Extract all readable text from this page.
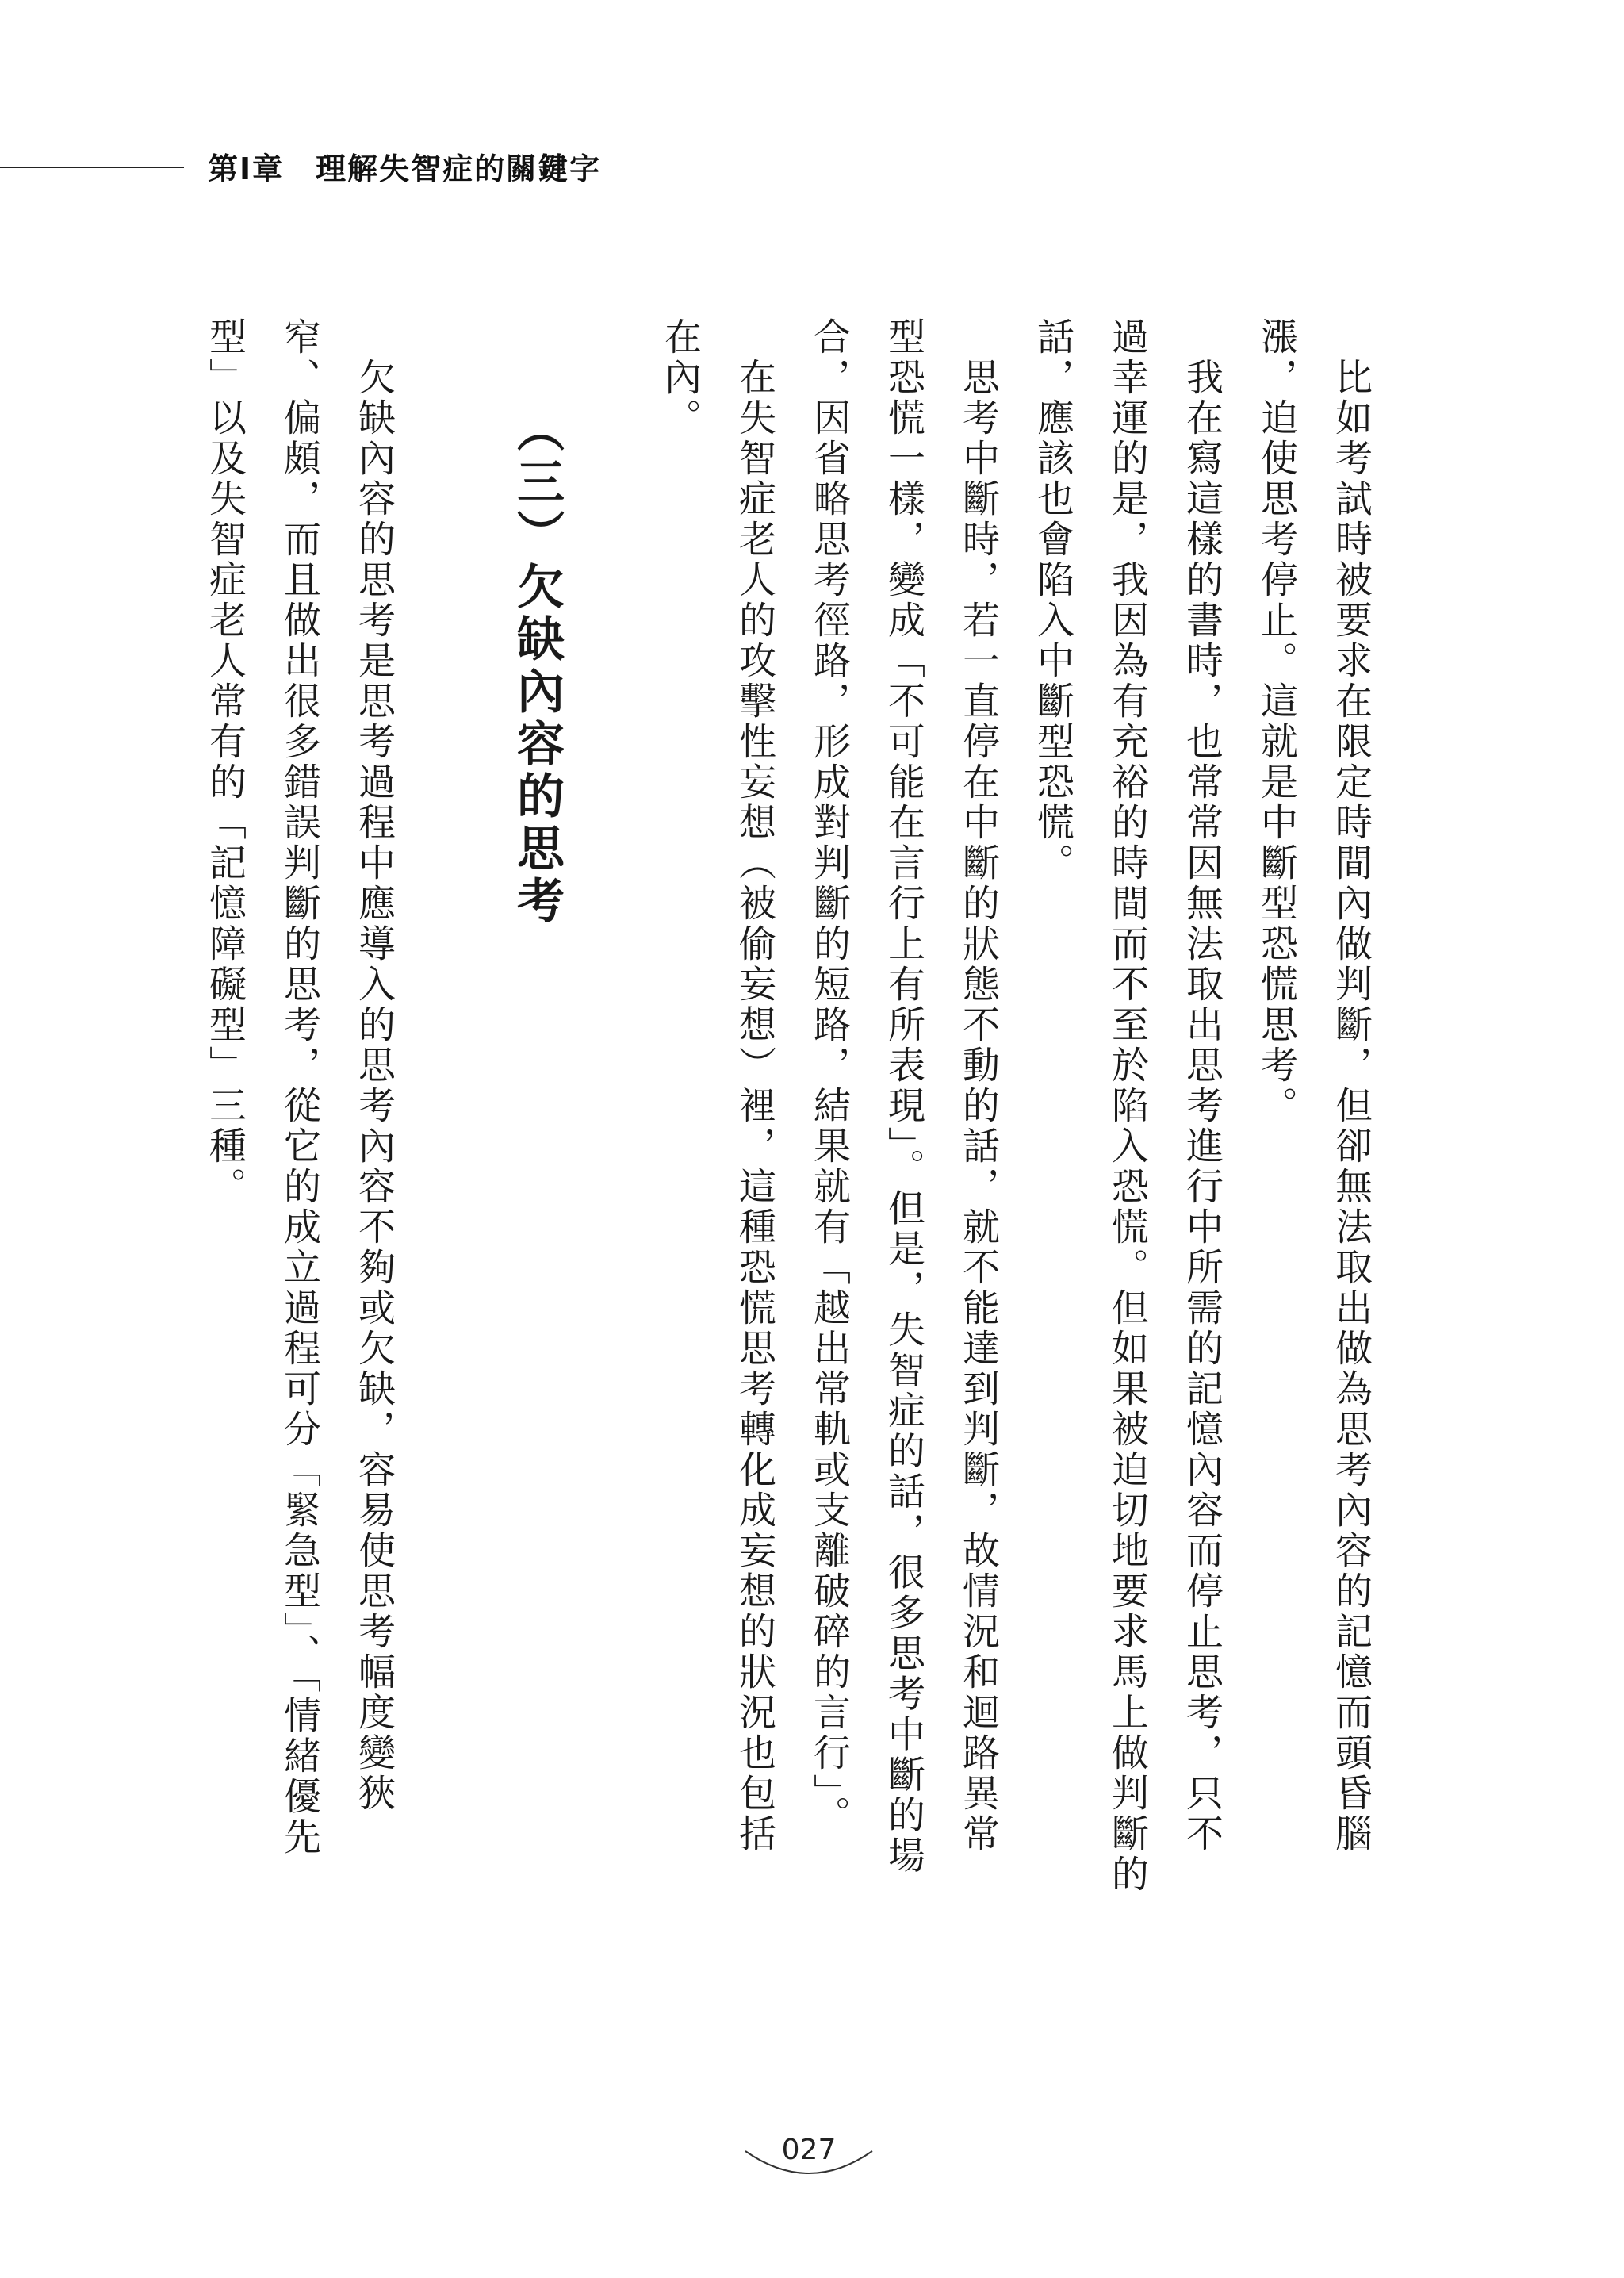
第Ⅰ章　理解失智症的關鍵字
　比如考試時被要求在限定時間內做判斷，但卻無法取出做為思考內容的記憶而頭昏腦
漲，迫使思考停止。這就是中斷型恐慌思考。
　我在寫這樣的書時，也常常因無法取出思考進行中所需的記憶內容而停止思考，只不
過幸運的是，我因為有充裕的時間而不至於陷入恐慌。但如果被迫切地要求馬上做判斷的
話，應該也會陷入中斷型恐慌。
　思考中斷時，若一直停在中斷的狀態不動的話，就不能達到判斷，故情況和迴路異常
型恐慌一樣，變成「不可能在言行上有所表現」。但是，失智症的話，很多思考中斷的場
合，因省略思考徑路，形成對判斷的短路，結果就有「越出常軌或支離破碎的言行」。
　在失智症老人的攻擊性妄想（被偷妄想）裡，這種恐慌思考轉化成妄想的狀況也包括
在內。
（三）欠缺內容的思考
　欠缺內容的思考是思考過程中應導入的思考內容不夠或欠缺，容易使思考幅度變狹
窄、偏頗，而且做出很多錯誤判斷的思考，從它的成立過程可分「緊急型」、「情緒優先
型」以及失智症老人常有的「記憶障礙型」三種。
027
